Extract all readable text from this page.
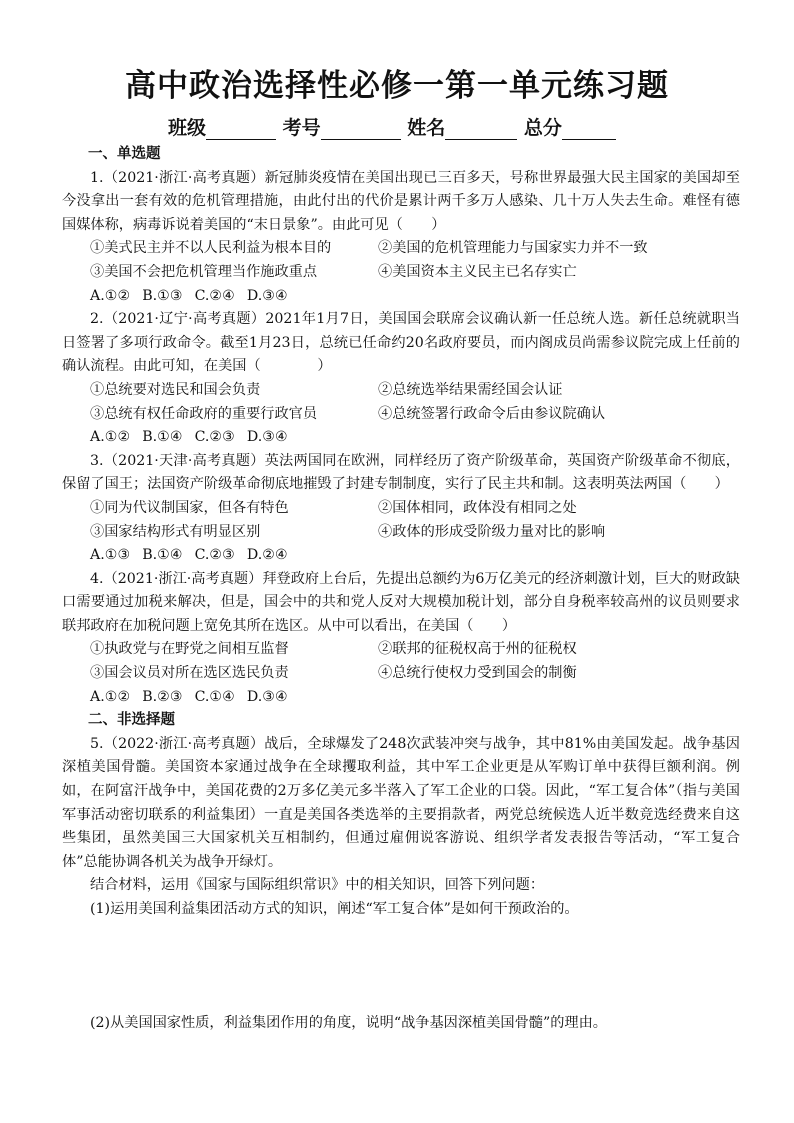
高中政治选择性必修一第一单元练习题
班级	考号	姓名	总分
一、单选题
1.（2021·浙江·高考真题）新冠肺炎疫情在美国出现已三百多天，号称世界最强大民主国家的美国却至今没拿出一套有效的危机管理措施，由此付出的代价是累计两千多万人感染、几十万人失去生命。难怪有德国媒体称，病毒诉说着美国的“末日景象”。由此可见（　　）
①美式民主并不以人民利益为根本目的	②美国的危机管理能力与国家实力并不一致
③美国不会把危机管理当作施政重点	④美国资本主义民主已名存实亡
A.①② B.①③ C.②④ D.③④
2.（2021·辽宁·高考真题）2021年1月7日，美国国会联席会议确认新一任总统人选。新任总统就职当日签署了多项行政命令。截至1月23日，总统已任命约20名政府要员，而内阁成员尚需参议院完成上任前的确认流程。由此可知，在美国（　　　　）
①总统要对选民和国会负责	②总统选举结果需经国会认证
③总统有权任命政府的重要行政官员	④总统签署行政命令后由参议院确认
A.①② B.①④ C.②③ D.③④
3.（2021·天津·高考真题）英法两国同在欧洲，同样经历了资产阶级革命，英国资产阶级革命不彻底，保留了国王；法国资产阶级革命彻底地摧毁了封建专制制度，实行了民主共和制。这表明英法两国（　　）
①同为代议制国家，但各有特色	②国体相同，政体没有相同之处
③国家结构形式有明显区别	④政体的形成受阶级力量对比的影响
A.①③ B.①④ C.②③ D.②④
4.（2021·浙江·高考真题）拜登政府上台后，先提出总额约为6万亿美元的经济刺激计划，巨大的财政缺口需要通过加税来解决，但是，国会中的共和党人反对大规模加税计划，部分自身税率较高州的议员则要求联邦政府在加税问题上宽免其所在选区。从中可以看出，在美国（　　）
①执政党与在野党之间相互监督	②联邦的征税权高于州的征税权
③国会议员对所在选区选民负责	④总统行使权力受到国会的制衡
A.①② B.②③ C.①④ D.③④
二、非选择题
5.（2022·浙江·高考真题）战后，全球爆发了248次武装冲突与战争，其中81%由美国发起。战争基因深植美国骨髓。美国资本家通过战争在全球攫取利益，其中军工企业更是从军购订单中获得巨额利润。例如，在阿富汗战争中，美国花费的2万多亿美元多半落入了军工企业的口袋。因此，“军工复合体”（指与美国军事活动密切联系的利益集团）一直是美国各类选举的主要捐款者，两党总统候选人近半数竞选经费来自这些集团，虽然美国三大国家机关互相制约，但通过雇佣说客游说、组织学者发表报告等活动，“军工复合体”总能协调各机关为战争开绿灯。
结合材料，运用《国家与国际组织常识》中的相关知识，回答下列问题：
(1)运用美国利益集团活动方式的知识，阐述“军工复合体”是如何干预政治的。
(2)从美国国家性质，利益集团作用的角度，说明“战争基因深植美国骨髓”的理由。
